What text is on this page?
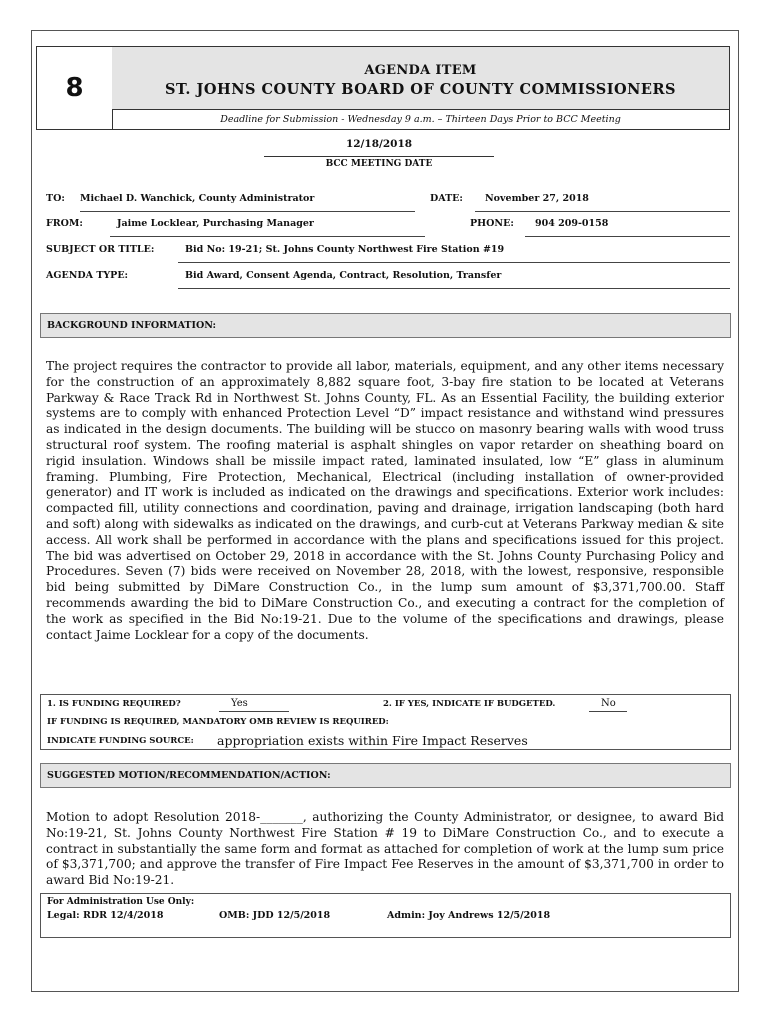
8
AGENDA ITEM
ST. JOHNS COUNTY BOARD OF COUNTY COMMISSIONERS
Deadline for Submission - Wednesday 9 a.m. – Thirteen Days Prior to BCC Meeting
12/18/2018
BCC MEETING DATE
TO: Michael D. Wanchick, County Administrator	DATE: November 27, 2018
FROM:	Jaime Locklear, Purchasing Manager	PHONE: 904 209-0158
SUBJECT OR TITLE:	Bid No: 19-21; St. Johns County Northwest Fire Station #19
AGENDA TYPE:	Bid Award, Consent Agenda, Contract, Resolution, Transfer
BACKGROUND INFORMATION:
The project requires the contractor to provide all labor, materials, equipment, and any other items necessary for the construction of an approximately 8,882 square foot, 3-bay fire station to be located at Veterans Parkway & Race Track Rd in Northwest St. Johns County, FL. As an Essential Facility, the building exterior systems are to comply with enhanced Protection Level “D” impact resistance and withstand wind pressures as indicated in the design documents. The building will be stucco on masonry bearing walls with wood truss structural roof system. The roofing material is asphalt shingles on vapor retarder on sheathing board on rigid insulation. Windows shall be missile impact rated, laminated insulated, low “E” glass in aluminum framing. Plumbing, Fire Protection, Mechanical, Electrical (including installation of owner-provided generator) and IT work is included as indicated on the drawings and specifications. Exterior work includes: compacted fill, utility connections and coordination, paving and drainage, irrigation landscaping (both hard and soft) along with sidewalks as indicated on the drawings, and curb-cut at Veterans Parkway median & site access. All work shall be performed in accordance with the plans and specifications issued for this project. The bid was advertised on October 29, 2018 in accordance with the St. Johns County Purchasing Policy and Procedures. Seven (7) bids were received on November 28, 2018, with the lowest, responsive, responsible bid being submitted by DiMare Construction Co., in the lump sum amount of $3,371,700.00. Staff recommends awarding the bid to DiMare Construction Co., and executing a contract for the completion of the work as specified in the Bid No:19-21. Due to the volume of the specifications and drawings, please contact Jaime Locklear for a copy of the documents.
1. IS FUNDING REQUIRED?	Yes	2. IF YES, INDICATE IF BUDGETED.	No
IF FUNDING IS REQUIRED, MANDATORY OMB REVIEW IS REQUIRED:
INDICATE FUNDING SOURCE: appropriation exists within Fire Impact Reserves
SUGGESTED MOTION/RECOMMENDATION/ACTION:
Motion to adopt Resolution 2018-_______, authorizing the County Administrator, or designee, to award Bid No:19-21, St. Johns County Northwest Fire Station # 19 to DiMare Construction Co., and to execute a contract in substantially the same form and format as attached for completion of work at the lump sum price of $3,371,700; and approve the transfer of Fire Impact Fee Reserves in the amount of $3,371,700 in order to award Bid No:19-21.
For Administration Use Only:
Legal: RDR 12/4/2018	OMB: JDD 12/5/2018	Admin: Joy Andrews 12/5/2018
